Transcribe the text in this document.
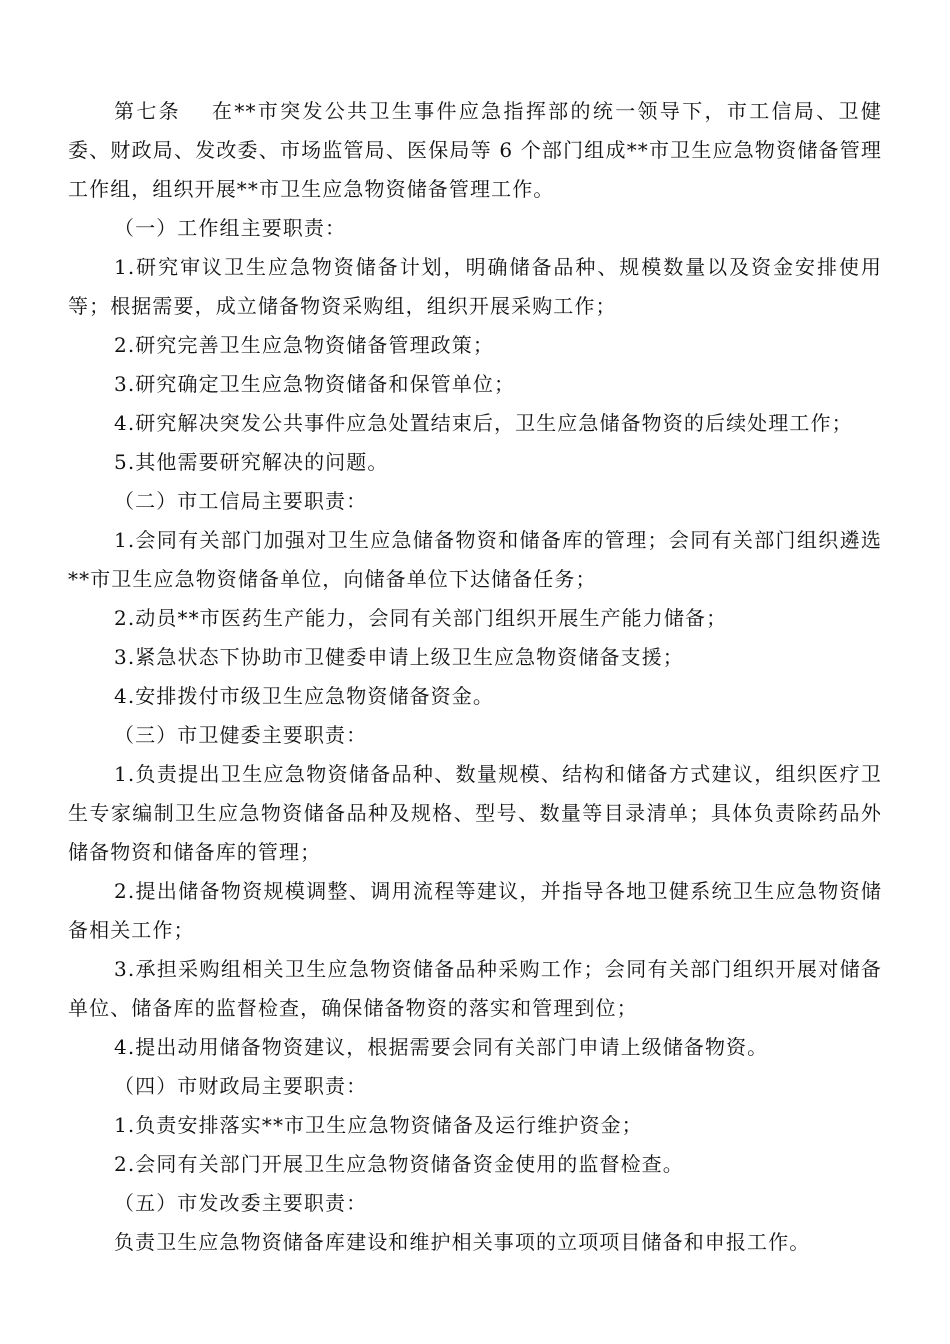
第七条　 在**市突发公共卫生事件应急指挥部的统一领导下，市工信局、卫健委、财政局、发改委、市场监管局、医保局等 6 个部门组成**市卫生应急物资储备管理工作组，组织开展**市卫生应急物资储备管理工作。

（一）工作组主要职责：

1.研究审议卫生应急物资储备计划，明确储备品种、规模数量以及资金安排使用等；根据需要，成立储备物资采购组，组织开展采购工作；

2.研究完善卫生应急物资储备管理政策；

3.研究确定卫生应急物资储备和保管单位；

4.研究解决突发公共事件应急处置结束后，卫生应急储备物资的后续处理工作；

5.其他需要研究解决的问题。

（二）市工信局主要职责：

1.会同有关部门加强对卫生应急储备物资和储备库的管理；会同有关部门组织遴选**市卫生应急物资储备单位，向储备单位下达储备任务；

2.动员**市医药生产能力，会同有关部门组织开展生产能力储备；

3.紧急状态下协助市卫健委申请上级卫生应急物资储备支援；

4.安排拨付市级卫生应急物资储备资金。

（三）市卫健委主要职责：

1.负责提出卫生应急物资储备品种、数量规模、结构和储备方式建议，组织医疗卫生专家编制卫生应急物资储备品种及规格、型号、数量等目录清单；具体负责除药品外储备物资和储备库的管理；

2.提出储备物资规模调整、调用流程等建议，并指导各地卫健系统卫生应急物资储备相关工作；

3.承担采购组相关卫生应急物资储备品种采购工作；会同有关部门组织开展对储备单位、储备库的监督检查，确保储备物资的落实和管理到位；

4.提出动用储备物资建议，根据需要会同有关部门申请上级储备物资。

（四）市财政局主要职责：

1.负责安排落实**市卫生应急物资储备及运行维护资金；

2.会同有关部门开展卫生应急物资储备资金使用的监督检查。

（五）市发改委主要职责：

负责卫生应急物资储备库建设和维护相关事项的立项项目储备和申报工作。
